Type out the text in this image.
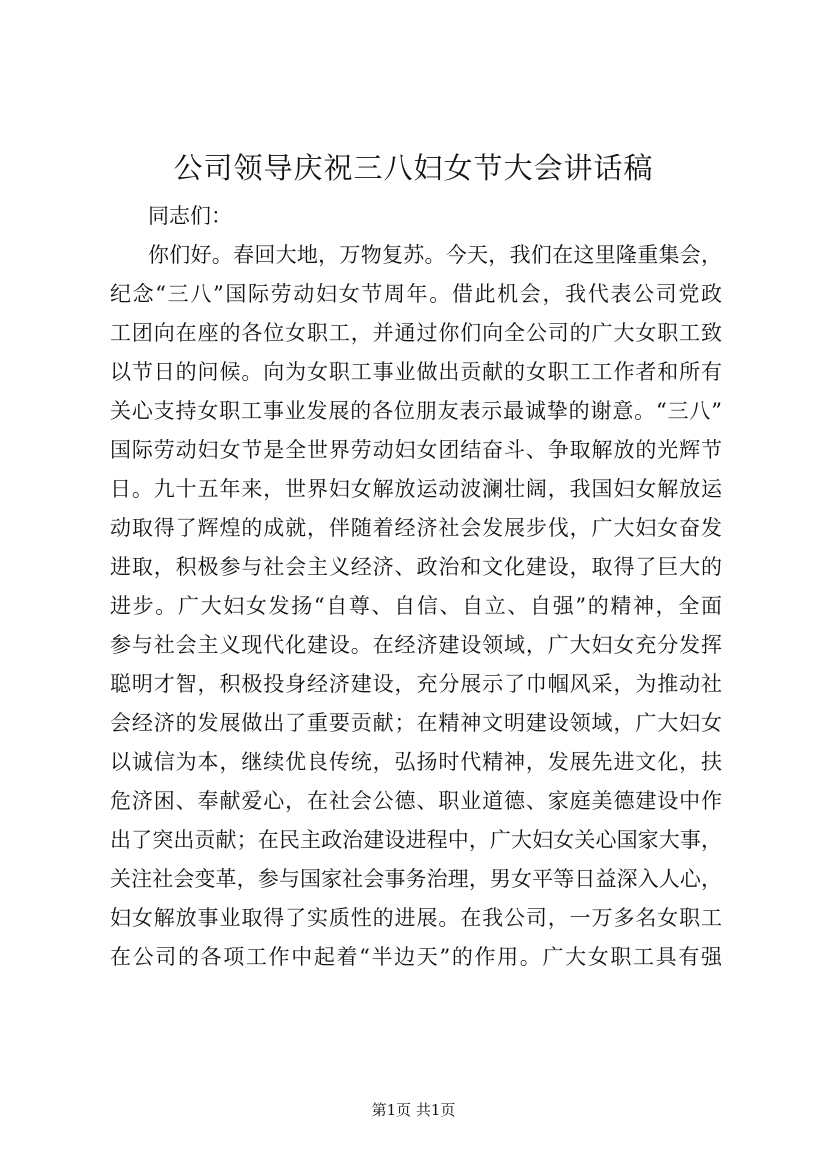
公司领导庆祝三八妇女节大会讲话稿

同志们：

你们好。春回大地，万物复苏。今天，我们在这里隆重集会，
纪念“三八”国际劳动妇女节周年。借此机会，我代表公司党政
工团向在座的各位女职工，并通过你们向全公司的广大女职工致
以节日的问候。向为女职工事业做出贡献的女职工工作者和所有
关心支持女职工事业发展的各位朋友表示最诚挚的谢意。“三八”
国际劳动妇女节是全世界劳动妇女团结奋斗、争取解放的光辉节
日。九十五年来，世界妇女解放运动波澜壮阔，我国妇女解放运
动取得了辉煌的成就，伴随着经济社会发展步伐，广大妇女奋发
进取，积极参与社会主义经济、政治和文化建设，取得了巨大的
进步。广大妇女发扬“自尊、自信、自立、自强”的精神，全面
参与社会主义现代化建设。在经济建设领域，广大妇女充分发挥
聪明才智，积极投身经济建设，充分展示了巾帼风采，为推动社
会经济的发展做出了重要贡献；在精神文明建设领域，广大妇女
以诚信为本，继续优良传统，弘扬时代精神，发展先进文化，扶
危济困、奉献爱心，在社会公德、职业道德、家庭美德建设中作
出了突出贡献；在民主政治建设进程中，广大妇女关心国家大事，
关注社会变革，参与国家社会事务治理，男女平等日益深入人心，
妇女解放事业取得了实质性的进展。在我公司，一万多名女职工
在公司的各项工作中起着“半边天”的作用。广大女职工具有强
第1页 共1页
